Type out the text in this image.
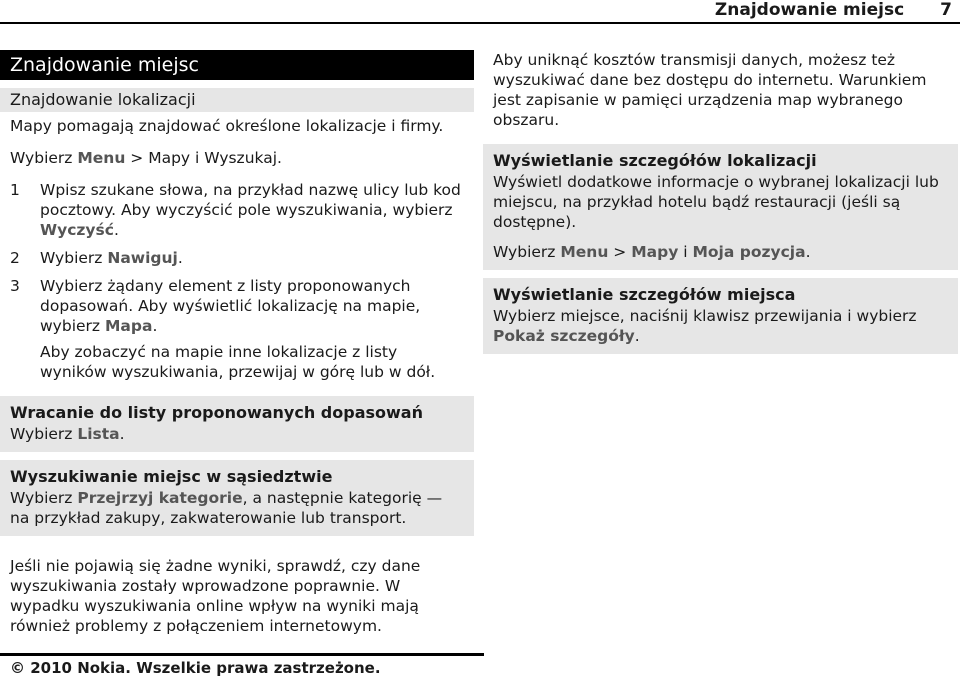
Znajdowanie miejsc 7
Znajdowanie miejsc
Znajdowanie lokalizacji
Mapy pomagają znajdować określone lokalizacje i firmy.
Wybierz Menu > Mapy i Wyszukaj.
1 Wpisz szukane słowa, na przykład nazwę ulicy lub kod pocztowy. Aby wyczyścić pole wyszukiwania, wybierz Wyczyść.
2 Wybierz Nawiguj.
3 Wybierz żądany element z listy proponowanych dopasowań. Aby wyświetlić lokalizację na mapie, wybierz Mapa.
Aby zobaczyć na mapie inne lokalizacje z listy wyników wyszukiwania, przewijaj w górę lub w dół.
Wracanie do listy proponowanych dopasowań
Wybierz Lista.
Wyszukiwanie miejsc w sąsiedztwie
Wybierz Przejrzyj kategorie, a następnie kategorię — na przykład zakupy, zakwaterowanie lub transport.
Jeśli nie pojawią się żadne wyniki, sprawdź, czy dane wyszukiwania zostały wprowadzone poprawnie. W wypadku wyszukiwania online wpływ na wyniki mają również problemy z połączeniem internetowym.
Aby uniknąć kosztów transmisji danych, możesz też wyszukiwać dane bez dostępu do internetu. Warunkiem jest zapisanie w pamięci urządzenia map wybranego obszaru.
Wyświetlanie szczegółów lokalizacji
Wyświetl dodatkowe informacje o wybranej lokalizacji lub miejscu, na przykład hotelu bądź restauracji (jeśli są dostępne).
Wybierz Menu > Mapy i Moja pozycja.
Wyświetlanie szczegółów miejsca
Wybierz miejsce, naciśnij klawisz przewijania i wybierz Pokaż szczegóły.
© 2010 Nokia. Wszelkie prawa zastrzeżone.
